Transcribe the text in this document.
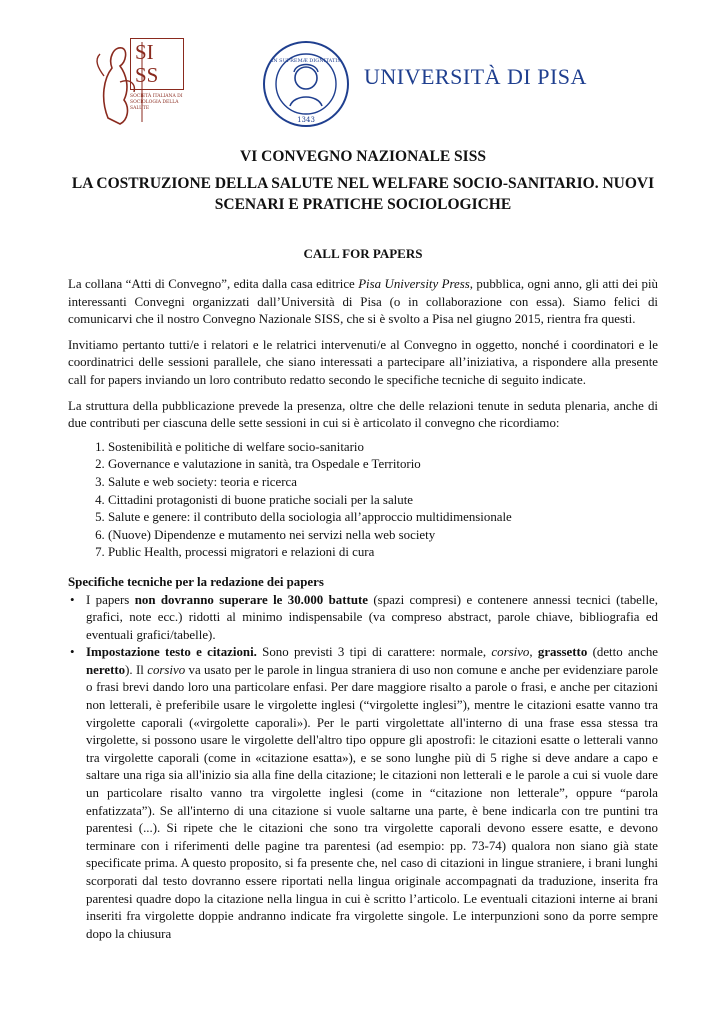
SI SS
SOCIETÀ ITALIANA DI SOCIOLOGIA DELLA SALUTE
IN SUPREMÆ DIGNITATIS
1343
UNIVERSITÀ DI PISA
VI CONVEGNO NAZIONALE SISS
LA COSTRUZIONE DELLA SALUTE NEL WELFARE SOCIO-SANITARIO. NUOVI SCENARI E PRATICHE SOCIOLOGICHE
CALL FOR PAPERS

La collana “Atti di Convegno”, edita dalla casa editrice Pisa University Press, pubblica, ogni anno, gli atti dei più interessanti Convegni organizzati dall’Università di Pisa (o in collaborazione con essa). Siamo felici di comunicarvi che il nostro Convegno Nazionale SISS, che si è svolto a Pisa nel giugno 2015, rientra fra questi.

Invitiamo pertanto tutti/e i relatori e le relatrici intervenuti/e al Convegno in oggetto, nonché i coordinatori e le coordinatrici delle sessioni parallele, che siano interessati a partecipare all’iniziativa, a rispondere alla presente call for papers inviando un loro contributo redatto secondo le specifiche tecniche di seguito indicate.

La struttura della pubblicazione prevede la presenza, oltre che delle relazioni tenute in seduta plenaria, anche di due contributi per ciascuna delle sette sessioni in cui si è articolato il convegno che ricordiamo:

1. Sostenibilità e politiche di welfare socio-sanitario
2. Governance e valutazione in sanità, tra Ospedale e Territorio
3. Salute e web society: teoria e ricerca
4. Cittadini protagonisti di buone pratiche sociali per la salute
5. Salute e genere: il contributo della sociologia all’approccio multidimensionale
6. (Nuove) Dipendenze e mutamento nei servizi nella web society
7. Public Health, processi migratori e relazioni di cura
Specifiche tecniche per la redazione dei papers
• I papers non dovranno superare le 30.000 battute (spazi compresi) e contenere annessi tecnici (tabelle, grafici, note ecc.) ridotti al minimo indispensabile (va compreso abstract, parole chiave, bibliografia ed eventuali grafici/tabelle).
• Impostazione testo e citazioni. Sono previsti 3 tipi di carattere: normale, corsivo, grassetto (detto anche neretto). Il corsivo va usato per le parole in lingua straniera di uso non comune e anche per evidenziare parole o frasi brevi dando loro una particolare enfasi. Per dare maggiore risalto a parole o frasi, e anche per citazioni non letterali, è preferibile usare le virgolette inglesi (“virgolette inglesi”), mentre le citazioni esatte vanno tra virgolette caporali («virgolette caporali»). Per le parti virgolettate all'interno di una frase essa stessa tra virgolette, si possono usare le virgolette dell'altro tipo oppure gli apostrofi: le citazioni esatte o letterali vanno tra virgolette caporali (come in «citazione esatta»), e se sono lunghe più di 5 righe si deve andare a capo e saltare una riga sia all'inizio sia alla fine della citazione; le citazioni non letterali e le parole a cui si vuole dare un particolare risalto vanno tra virgolette inglesi (come in “citazione non letterale”, oppure “parola enfatizzata”). Se all'interno di una citazione si vuole saltarne una parte, è bene indicarla con tre puntini tra parentesi (...). Si ripete che le citazioni che sono tra virgolette caporali devono essere esatte, e devono terminare con i riferimenti delle pagine tra parentesi (ad esempio: pp. 73-74) qualora non siano già state specificate prima. A questo proposito, si fa presente che, nel caso di citazioni in lingue straniere, i brani lunghi scorporati dal testo dovranno essere riportati nella lingua originale accompagnati da traduzione, inserita fra parentesi quadre dopo la citazione nella lingua in cui è scritto l’articolo. Le eventuali citazioni interne ai brani inseriti fra virgolette doppie andranno indicate fra virgolette singole. Le interpunzioni sono da porre sempre dopo la chiusura
